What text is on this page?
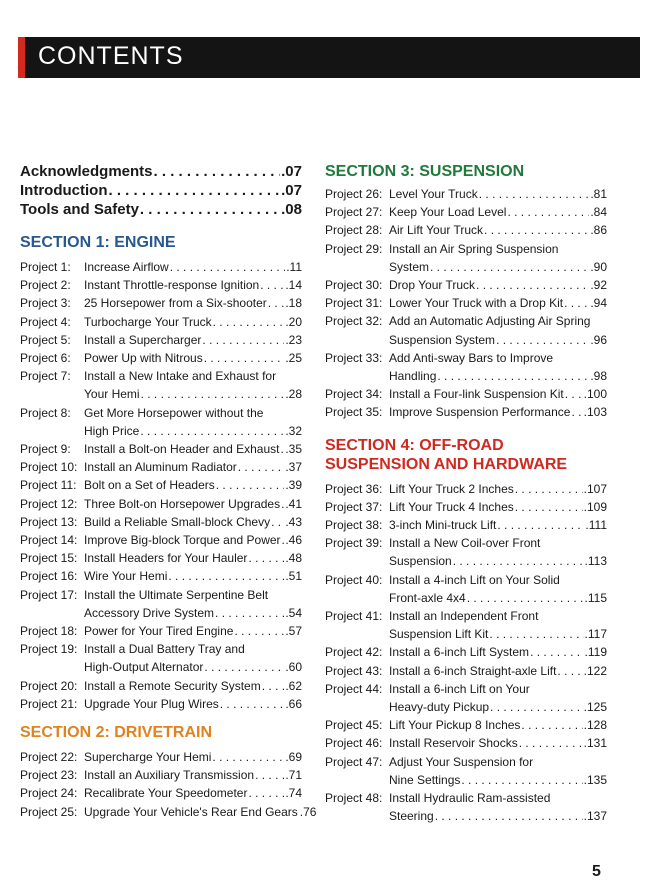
CONTENTS
Acknowledgments . . .	.07
Introduction . . .	.07
Tools and Safety . . .	.08
SECTION 1: ENGINE
Project 1:	Increase Airflow . . .	.11
Project 2:	Instant Throttle-response Ignition . . . .14
Project 3:	25 Horsepower from a Six-shooter . . . .18
Project 4:	Turbocharge Your Truck . . .	.20
Project 5:	Install a Supercharger . . .	.23
Project 6:	Power Up with Nitrous . . .	.25
Project 7:	Install a New Intake and Exhaust for
Your Hemi . . .	.28
Project 8:	Get More Horsepower without the
High Price . . .	.32
Project 9:	Install a Bolt-on Header and Exhaust . . . .35
Project 10: Install an Aluminum Radiator . . .	.37
Project 11: Bolt on a Set of Headers . . .	.39
Project 12: Three Bolt-on Horsepower Upgrades . . . .41
Project 13: Build a Reliable Small-block Chevy . . . .43
Project 14: Improve Big-block Torque and Power . . . .46
Project 15: Install Headers for Your Hauler . . .	.48
Project 16: Wire Your Hemi . . .	.51
Project 17: Install the Ultimate Serpentine Belt
Accessory Drive System . . .	.54
Project 18: Power for Your Tired Engine . . .	.57
Project 19: Install a Dual Battery Tray and
High-Output Alternator . . .	.60
Project 20: Install a Remote Security System . . . .62
Project 21: Upgrade Your Plug Wires . . .	.66
SECTION 2: DRIVETRAIN
Project 22: Supercharge Your Hemi . . .	.69
Project 23: Install an Auxiliary Transmission . . .	.71
Project 24: Recalibrate Your Speedometer . . .	.74
Project 25: Upgrade Your Vehicle's Rear End Gears .76
SECTION 3: SUSPENSION
Project 26: Level Your Truck . . .	.81
Project 27: Keep Your Load Level . . .	.84
Project 28: Air Lift Your Truck . . .	.86
Project 29: Install an Air Spring Suspension
System . . .	.90
Project 30: Drop Your Truck . . .	.92
Project 31: Lower Your Truck with a Drop Kit . . . .94
Project 32: Add an Automatic Adjusting Air Spring
Suspension System . . .	.96
Project 33: Add Anti-sway Bars to Improve
Handling . . .	.98
Project 34: Install a Four-link Suspension Kit . . . .100
Project 35: Improve Suspension Performance . . . .103
SECTION 4: OFF-ROAD
SUSPENSION AND HARDWARE
Project 36: Lift Your Truck 2 Inches . . .	.107
Project 37: Lift Your Truck 4 Inches . . .	.109
Project 38: 3-inch Mini-truck Lift . . .	.111
Project 39: Install a New Coil-over Front
Suspension . . .	.113
Project 40: Install a 4-inch Lift on Your Solid
Front-axle 4x4 . . .	.115
Project 41: Install an Independent Front
Suspension Lift Kit . . .	.117
Project 42: Install a 6-inch Lift System . . .	.119
Project 43: Install a 6-inch Straight-axle Lift . . . .122
Project 44: Install a 6-inch Lift on Your
Heavy-duty Pickup . . .	.125
Project 45: Lift Your Pickup 8 Inches . . .	.128
Project 46: Install Reservoir Shocks . . .	.131
Project 47: Adjust Your Suspension for
Nine Settings . . .	.135
Project 48: Install Hydraulic Ram-assisted
Steering . . .	.137
5
